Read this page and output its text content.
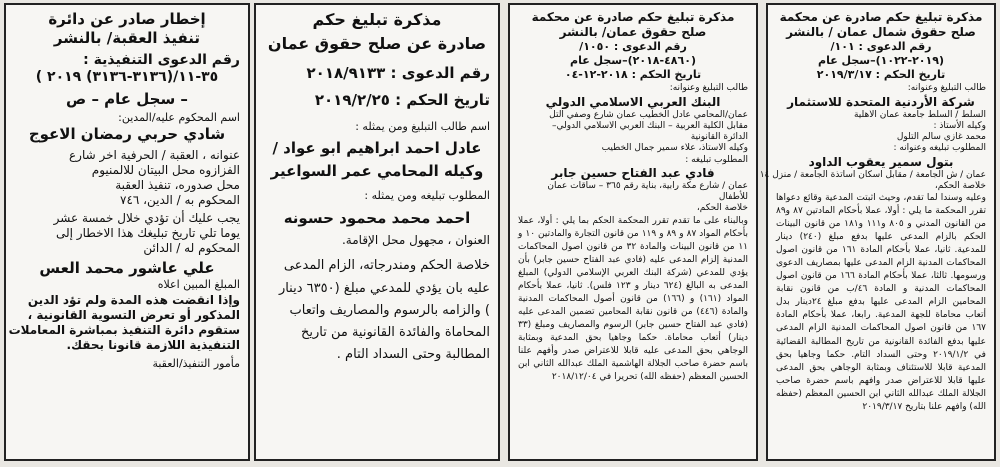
إخطار صادر عن دائرة

تنفيذ العقبة/ بالنشر

رقم الدعوى التنفيذية :

٣٥-١١/(٣١٣٦-٣١٣٦) ٢٠١٩ )

– سجل عام – ص

اسم المحكوم عليه/المدين:

شادي حربي رمضان الاعوج

عنوانه ، العقبة / الحرفية اخر شارع

الفزازوه محل البيتان للالمنيوم

محل صدوره، تنفيذ العقبة

المحكوم به / الدين، ٧٤٦

يجب عليك أن تؤدي خلال خمسة عشر

يوما تلي تاريخ تبليغك هذا الاخطار إلى

المحكوم له / الدائن

علي عاشور محمد العس

المبلغ المبين اعلاه

وإذا انقضت هذه المدة ولم تؤد الدين

المذكور أو تعرض التسوية القانونية ،

ستقوم دائرة التنفيذ بمباشرة المعاملات

التنفيذية اللازمة قانونا بحقك.

مأمور التنفيذ/العقبة

مذكرة تبليغ حكم

صادرة عن صلح حقوق عمان

رقم الدعوى : ٢٠١٨/٩١٣٣

تاريخ الحكم : ٢٠١٩/٢/٢٥

اسم طالب التبليغ ومن يمثله :

عادل احمد ابراهيم ابو عواد /

وكيله المحامي عمر السواعير

المطلوب تبليغه ومن يمثله :

احمد محمد محمود حسونه

العنوان ، مجهول محل الإقامة.

خلاصة الحكم ومندرجاته، الزام المدعى

عليه بان يؤدي للمدعي مبلغ (٦٣٥٠ دينار

) والزامه بالرسوم والمصاريف واتعاب

المحاماة والفائدة القانونية من تاريخ

المطالبة وحتى السداد التام .

مذكرة تبليغ حكم صادرة عن محكمة

صلح حقوق عمان/ بالنشر

رقم الدعوى : ١٠٥٠/

(٤٨٦٠-٢٠١٨)–سجل عام

تاريخ الحكم : ٢٠١٨-١٢-٠٤

طالب التبليغ وعنوانه:

البنك العربي الاسلامي الدولي

عمان/المحامي عادل الخطيب عمان شارع وصفي التل

مقابل الكلية العربية – البنك العربي الاسلامي الدولي–

الدائرة القانونية

وكيله الاستاذ، علاء سمير جمال الخطيب

المطلوب تبليغه :

فادي عبد الفتاح حسين جابر

عمان / شارع مكة رابية، بناية رقم ٣٦٥ – ساقات عمان

للأطفال

خلاصة الحكم،

وبالبناء على ما تقدم تقرر المحكمة الحكم بما يلي : أولا، عملا بأحكام المواد ٨٧ و ٨٩ و ١١٩ من قانون التجارة والمادتين ١٠ و ١١ من قانون البينات والمادة ٣٢ من قانون اصول المحاكمات المدنية إلزام المدعى عليه (فادي عبد الفتاح حسين جابر) بأن يؤدي للمدعي (شركة البنك العربي الإسلامي الدولي) المبلغ المدعى به البالغ (٦٢٤ دينار و ١٢٣ فلس). ثانيا، عملا بأحكام المواد (١٦١) و (١٦٦) من قانون أصول المحاكمات المدنية والمادة (٤٤٦) من قانون نقابة المحامين تضمين المدعى عليه (فادي عبد الفتاح حسين جابر) الرسوم والمصاريف ومبلغ (٣٣ دينار) أتعاب محاماة. حكما وجاهيا بحق المدعية وبمثابة الوجاهي بحق المدعى عليه قابلا للاعتراض صدر وأفهم علنا باسم حضرة صاحب الجلالة الهاشمية الملك عبدالله الثاني ابن الحسين المعظم (حفظه الله) تحريرا في ٢٠١٨/١٢/٠٤

مذكرة تبليغ حكم صادرة عن محكمة

صلح حقوق شمال عمان / بالنشر

رقم الدعوى : ١٠١/

(٢٠١٩-١٠٢٢)–سجل عام

تاريخ الحكم : ٢٠١٩/٣/١٧

طالب التبليغ وعنوانه:

شركة الأردنية المتحدة للاستثمار

السلط / السلط جامعة عمان الاهلية

وكيله الأستاذ :

محمد غازي سالم التلول

المطلوب تبليغه وعنوانه :

بتول سمير يعقوب الداود

عمان / ش الجامعة / مقابل اسكان اساتذة الجامعة / منزل ١٤

خلاصة الحكم،

وعليه وسندا لما تقدم، وحيث اثبتت المدعية وقائع دعواها تقرر المحكمة ما يلي : أولا، عملا بأحكام المادتين ٨٧ و٨٩ من القانون المدني و ٨٠٥ و١١١ و١٨١ من قانون البينات الحكم بالزام المدعى عليها بدفع مبلغ (٢٤٠) دينار للمدعية. ثانيا، عملا بأحكام المادة ١٦١ من قانون اصول المحاكمات المدنية الزام المدعى عليها بمصاريف الدعوى ورسومها. ثالثا، عملا بأحكام المادة ١٦٦ من قانون اصول المحاكمات المدنية و المادة ٤٦/ب من قانون نقابة المحامين الزام المدعى عليها بدفع مبلغ ٢٤دينار بدل أتعاب محاماة للجهة المدعية. رابعا، عملا بأحكام المادة ١٦٧ من قانون اصول المحاكمات المدنية الزام المدعى عليها بدفع الفائدة القانونية من تاريخ المطالبة القضائية في ٢٠١٩/١/٢ وحتى السداد التام. حكما وجاهيا بحق المدعية قابلا للاستئناف وبمثابة الوجاهي بحق المدعى عليها قابلا للاعتراض صدر وافهم باسم حضرة صاحب الجلالة الملك عبدالله الثاني ابن الحسين المعظم (حفظه الله) وافهم علنا بتاريخ ٢٠١٩/٣/١٧
